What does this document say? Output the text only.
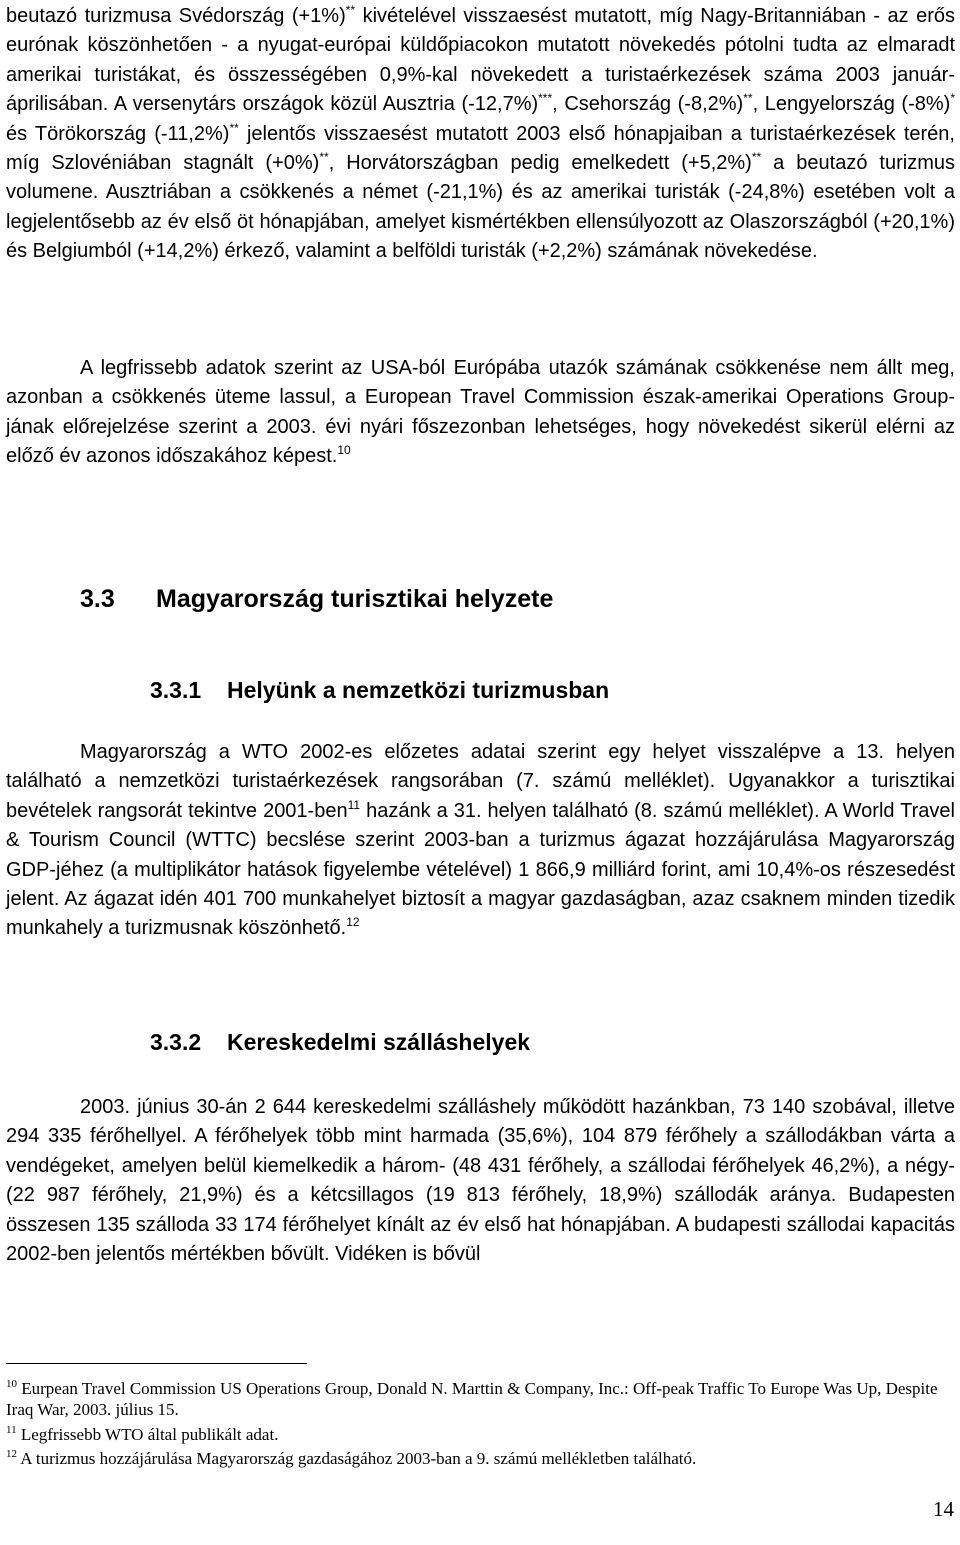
beutazó turizmusa Svédország (+1%)** kivételével visszaesést mutatott, míg Nagy-Britanniában - az erős eurónak köszönhetően - a nyugat-európai küldőpiacokon mutatott növekedés pótolni tudta az elmaradt amerikai turistákat, és összességében 0,9%-kal növekedett a turistaérkezések száma 2003 január-áprilisában. A versenytárs országok közül Ausztria (-12,7%)***, Csehország (-8,2%)**, Lengyelország (-8%)* és Törökország (-11,2%)** jelentős visszaesést mutatott 2003 első hónapjaiban a turistaérkezések terén, míg Szlovéniában stagnált (+0%)**, Horvátországban pedig emelkedett (+5,2%)** a beutazó turizmus volumene. Ausztriában a csökkenés a német (-21,1%) és az amerikai turisták (-24,8%) esetében volt a legjelentősebb az év első öt hónapjában, amelyet kismértékben ellensúlyozott az Olaszországból (+20,1%) és Belgiumból (+14,2%) érkező, valamint a belföldi turisták (+2,2%) számának növekedése.

A legfrissebb adatok szerint az USA-ból Európába utazók számának csökkenése nem állt meg, azonban a csökkenés üteme lassul, a European Travel Commission észak-amerikai Operations Group-jának előrejelzése szerint a 2003. évi nyári főszezonban lehetséges, hogy növekedést sikerül elérni az előző év azonos időszakához képest.$^{10}$

3.3 Magyarország turisztikai helyzete
3.3.1 Helyünk a nemzetközi turizmusban

Magyarország a WTO 2002-es előzetes adatai szerint egy helyet visszalépve a 13. helyen található a nemzetközi turistaérkezések rangsorában (7. számú melléklet). Ugyanakkor a turisztikai bevételek rangsorát tekintve 2001-ben$^{11}$ hazánk a 31. helyen található (8. számú melléklet). A World Travel & Tourism Council (WTTC) becslése szerint 2003-ban a turizmus ágazat hozzájárulása Magyarország GDP-jéhez (a multiplikátor hatások figyelembe vételével) 1 866,9 milliárd forint, ami 10,4%-os részesedést jelent. Az ágazat idén 401 700 munkahelyet biztosít a magyar gazdaságban, azaz csaknem minden tizedik munkahely a turizmusnak köszönhető.$^{12}$

3.3.2 Kereskedelmi szálláshelyek

2003. június 30-án 2 644 kereskedelmi szálláshely működött hazánkban, 73 140 szobával, illetve 294 335 férőhellyel. A férőhelyek több mint harmada (35,6%), 104 879 férőhely a szállodákban várta a vendégeket, amelyen belül kiemelkedik a három- (48 431 férőhely, a szállodai férőhelyek 46,2%), a négy- (22 987 férőhely, 21,9%) és a kétcsillagos (19 813 férőhely, 18,9%) szállodák aránya. Budapesten összesen 135 szálloda 33 174 férőhelyet kínált az év első hat hónapjában. A budapesti szállodai kapacitás 2002-ben jelentős mértékben bővült. Vidéken is bővül

$^{10}$ Eurpean Travel Commission US Operations Group, Donald N. Marttin & Company, Inc.: Off-peak Traffic To Europe Was Up, Despite Iraq War, 2003. július 15.

$^{11}$ Legfrissebb WTO által publikált adat.

$^{12}$ A turizmus hozzájárulása Magyarország gazdaságához 2003-ban a 9. számú mellékletben található.

14
